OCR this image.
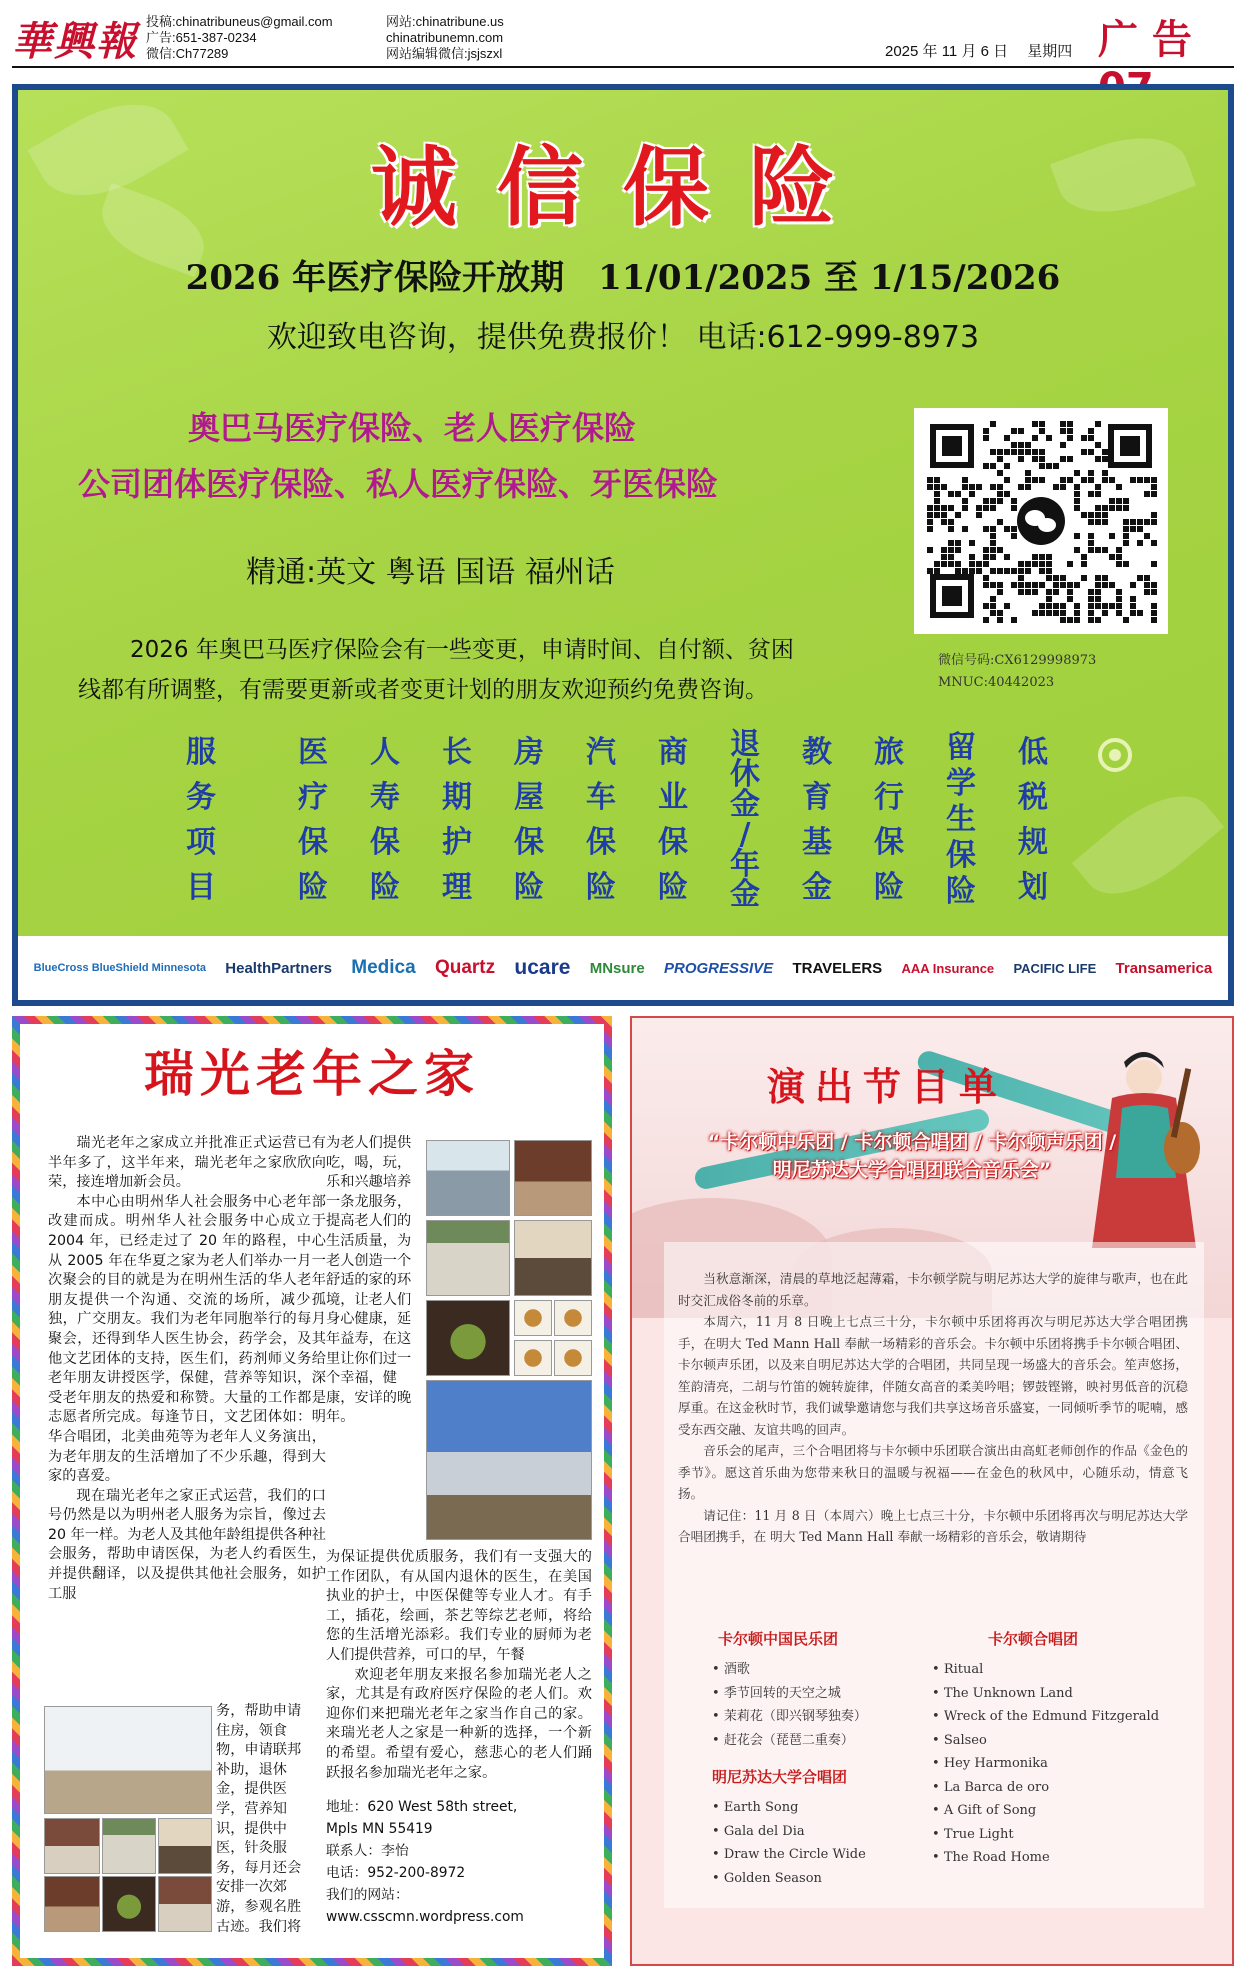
華興報 投稿:chinatribuneus@gmail.com
广告:651-387-0234
微信:Ch77289
网站:chinatribune.us
chinatribunemn.com
网站编辑微信:jsjszxl	2025 年 11 月 6 日　 星期四 广 告
诚信保险
2026 年医疗保险开放期　11/01/2025 至 1/15/2026
欢迎致电咨询，提供免费报价！ 电话:612-999-8973
奥巴马医疗保险、老人医疗保险
公司团体医疗保险、私人医疗保险、牙医保险
精通:英文 粤语 国语 福州话
2026 年奥巴马医疗保险会有一些变更，申请时间、自付额、贫困
线都有所调整，有需要更新或者变更计划的朋友欢迎预约免费咨询。
微信号码:CX6129998973
MNUC:40442023
服
务
项
目
医
疗
保
险
人
寿
保
险
长
期
护
理
房
屋
保
险
汽
车
保
险
商
业
保
险
退
休
金
/
年
金
教
育
基
金
旅
行
保
险
留
学
生
保
险
低
税
规
划
BlueCross BlueShield Minnesota HealthPartners Medica Quartz ucare MNsure PROGRESSIVE TRAVELERS AAA Insurance PACIFIC LIFE Transamerica
瑞光老年之家

瑞光老年之家成立并批准正式运营已有半年多了，这半年来，瑞光老年之家欣欣向荣，接连增加新会员。

本中心由明州华人社会服务中心老年部改建而成。明州华人社会服务中心成立于 2004 年，已经走过了 20 年的路程，中心从 2005 年在华夏之家为老人们举办一月一次聚会的目的就是为在明州生活的华人老年朋友提供一个沟通、交流的场所，减少孤独，广交朋友。我们为老年同胞举行的每月聚会，还得到华人医生协会，药学会，及其他文艺团体的支持，医生们，药剂师义务给老年朋友讲授医学，保健，营养等知识，深受老年朋友的热爱和称赞。大量的工作都是志愿者所完成。每逢节日，文艺团体如：明华合唱团，北美曲苑等为老年人义务演出，为老年朋友的生活增加了不少乐趣，得到大家的喜爱。

现在瑞光老年之家正式运营，我们的口号仍然是以为明州老人服务为宗旨，像过去 20 年一样。为老人及其他年龄组提供各种社会服务，帮助申请医保，为老人约看医生，并提供翻译，以及提供其他社会服务，如护工服

为老人们提供吃，喝，玩，乐和兴趣培养一条龙服务，提高老人们的生活质量，为老人创造一个舒适的家的环境，让老人们身心健康，延年益寿，在这里让你们过一个幸福，健康，安详的晚年。

为保证提供优质服务，我们有一支强大的工作团队，有从国内退休的医生，在美国执业的护士，中医保健等专业人才。有手工，插花，绘画，茶艺等综艺老师，将给您的生活增光添彩。我们专业的厨师为老人们提供营养，可口的早，午餐

欢迎老年朋友来报名参加瑞光老人之家，尤其是有政府医疗保险的老人们。欢迎你们来把瑞光老年之家当作自己的家。来瑞光老人之家是一种新的选择，一个新的希望。希望有爱心，慈悲心的老人们踊跃报名参加瑞光老年之家。

务，帮助申请住房，领食物，申请联邦补助，退休金，提供医学，营养知识，提供中医，针灸服务，每月还会安排一次郊游，参观名胜古迹。我们将
地址：620 West 58th street,
Mpls MN 55419
联系人：李怡
电话：952-200-8972
我们的网站：
www.csscmn.wordpress.com
演出节目单
“卡尔顿中乐团 / 卡尔顿合唱团 / 卡尔顿声乐团 /
明尼苏达大学合唱团联合音乐会”

当秋意渐深，清晨的草地泛起薄霜，卡尔顿学院与明尼苏达大学的旋律与歌声，也在此时交汇成俗冬前的乐章。

本周六，11 月 8 日晚上七点三十分，卡尔顿中乐团将再次与明尼苏达大学合唱团携手，在明大 Ted Mann Hall 奉献一场精彩的音乐会。卡尔顿中乐团将携手卡尔顿合唱团、卡尔顿声乐团，以及来自明尼苏达大学的合唱团，共同呈现一场盛大的音乐会。笙声悠扬，笙韵清亮，二胡与竹笛的婉转旋律，伴随女高音的柔美吟唱；锣鼓铿锵，映衬男低音的沉稳厚重。在这金秋时节，我们诚挚邀请您与我们共享这场音乐盛宴，一同倾听季节的呢喃，感受东西交融、友谊共鸣的回声。

音乐会的尾声，三个合唱团将与卡尔顿中乐团联合演出由高虹老师创作的作品《金色的季节》。愿这首乐曲为您带来秋日的温暖与祝福——在金色的秋风中，心随乐动，情意飞扬。

请记住：11 月 8 日（本周六）晚上七点三十分，卡尔顿中乐团将再次与明尼苏达大学合唱团携手，在 明大 Ted Mann Hall 奉献一场精彩的音乐会，敬请期待

卡尔顿中国民乐团
• 酒歌
• 季节回转的天空之城
• 茉莉花（即兴钢琴独奏）
• 赶花会（琵琶二重奏）
明尼苏达大学合唱团
• Earth Song
• Gala del Dia
• Draw the Circle Wide
• Golden Season
卡尔顿合唱团
• Ritual
• The Unknown Land
• Wreck of the Edmund Fitzgerald
• Salseo
• Hey Harmonika
• La Barca de oro
• A Gift of Song
• True Light
• The Road Home
